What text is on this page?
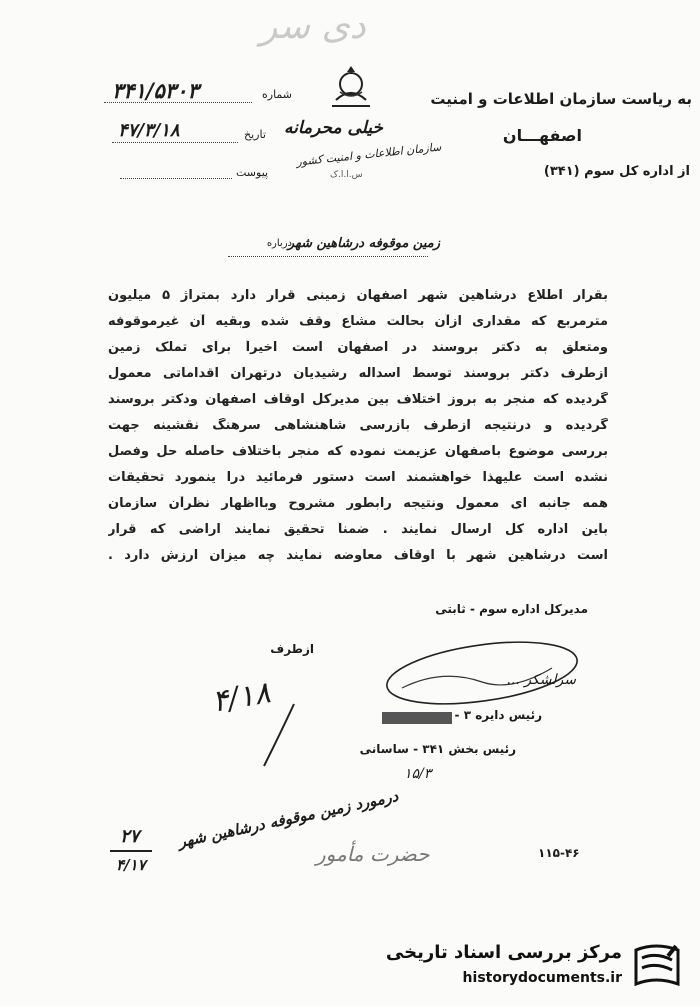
دی سر
به ریاست سازمان اطلاعات و امنیت
اصفهـــان
از اداره کل سوم (۳۴۱)
خیلی محرمانه
سازمان اطلاعات و امنیت کشور
س.ا.ا.ک
شماره
۳۴۱/۵۳۰۳
تاریخ
۴۷/۳/۱۸
پیوست
درباره
زمین موقوفه درشاهین شهر
بقرار اطلاع درشاهین شهر اصفهان زمینی قرار دارد بمتراژ ۵ میلیون
مترمربع که مقداری ازآن بحالت مشاع وقف شده وبقیه آن غیرموقوفه
ومتعلق به دکتر بروسند در اصفهان است اخیراً برای تملک زمین
ازطرف دکتر بروسند توسط اسداله رشیدیان درتهران اقداماتی معمول
گردیده که منجر به بروز اختلاف بین مدیرکل اوقاف اصفهان ودکتر بروسند
گردیده و درنتیجه ازطرف بازرسی شاهنشاهی سرهنگ نقشینه جهت
بررسی موضوع باصفهان عزیمت نموده که منجر باختلاف حاصله حل وفصل
نشده است علیهذا خواهشمند است دستور فرمائید درا ینمورد تحقیقات
همه جانبه ای معمول ونتیجه رابطور مشروح وبااظهار نظرآن سازمان
باین اداره کل ارسال نمایند . ضمناً تحقیق نمایند اراضی که قرار
است درشاهین شهر با اوقاف معاوضه نمایند چه میزان ارزش دارد .
مدیرکل اداره سوم - ثابتی
ازطرف
سرلشکر ...
رئیس دایره ۳ -
رئیس بخش ۳۴۱ - ساسانی
۴/۱۸
۱۵/۳
درمورد زمین موقوفه درشاهین شهر
حضرت مأمور
۲۷
۴/۱۷
۱۱۵-۴۶
مرکز بررسی اسناد تاریخی
historydocuments.ir
